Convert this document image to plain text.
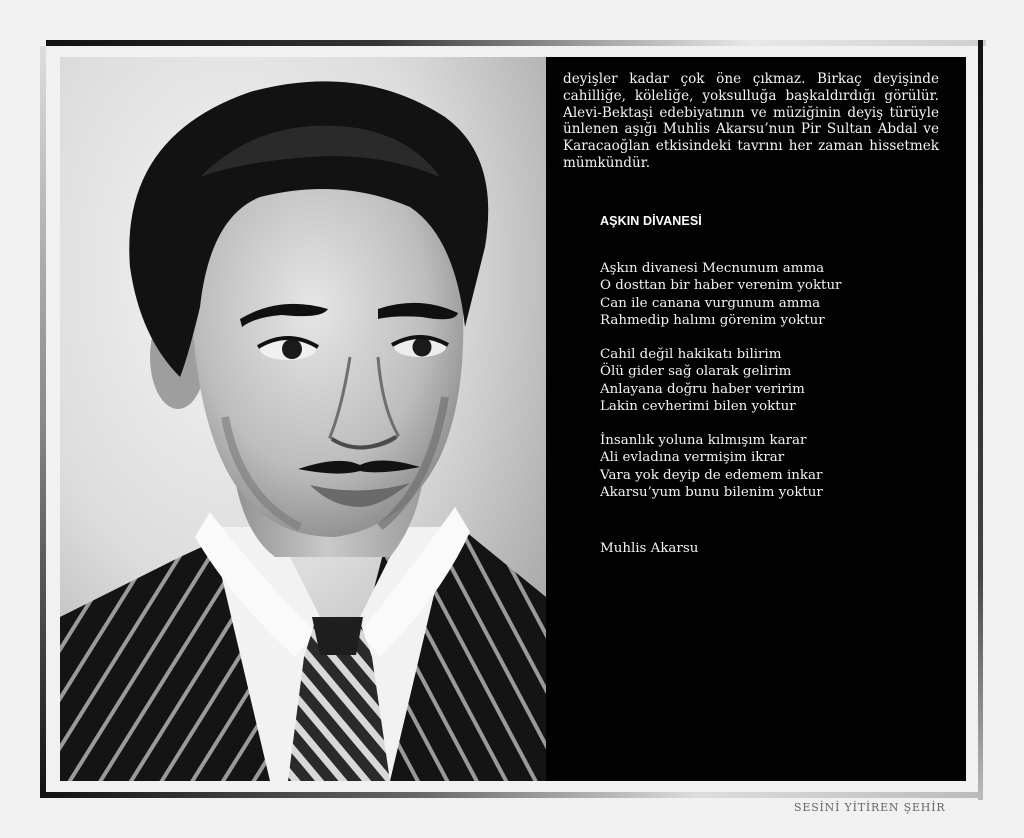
deyişler kadar çok öne çıkmaz. Birkaç deyişinde cahilliğe, köleliğe, yoksulluğa başkaldırdığı görülür. Alevi-Bektaşi edebiyatının ve müziğinin deyiş türüyle ünlenen aşığı Muhlis Akarsu’nun Pir Sultan Abdal ve Karacaoğlan etkisindeki tavrını her zaman hissetmek mümkündür.

AŞKIN DİVANESİ
Aşkın divanesi Mecnunum amma
O dosttan bir haber verenim yoktur
Can ile canana vurgunum amma
Rahmedip halımı görenim yoktur
Cahil değil hakikatı bilirim
Ölü gider sağ olarak gelirim
Anlayana doğru haber veririm
Lakin cevherimi bilen yoktur
İnsanlık yoluna kılmışım karar
Ali evladına vermişim ikrar
Vara yok deyip de edemem inkar
Akarsu’yum bunu bilenim yoktur
Muhlis Akarsu
SESİNİ YİTİREN ŞEHİR
